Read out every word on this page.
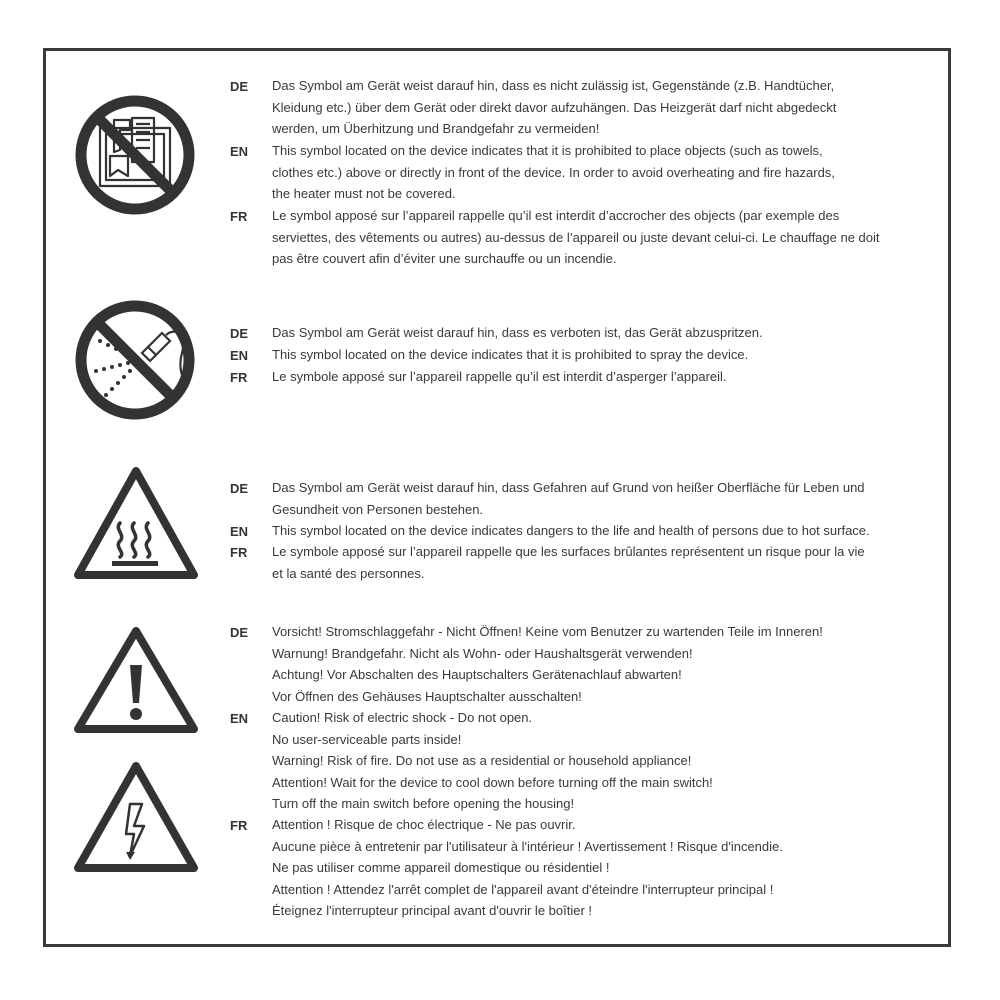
DE Das Symbol am Gerät weist darauf hin, dass es nicht zulässig ist, Gegenstände (z.B. Handtücher,
Kleidung etc.) über dem Gerät oder direkt davor aufzuhängen. Das Heizgerät darf nicht abgedeckt
werden, um Überhitzung und Brandgefahr zu vermeiden!
EN This symbol located on the device indicates that it is prohibited to place objects (such as towels,
clothes etc.) above or directly in front of the device. In order to avoid overheating and fire hazards,
the heater must not be covered.
FR Le symbol apposé sur l’appareil rappelle qu’il est interdit d’accrocher des objects (par exemple des
serviettes, des vêtements ou autres) au-dessus de l’appareil ou juste devant celui-ci. Le chauffage ne doit
pas être couvert afin d’éviter une surchauffe ou un incendie.
DE Das Symbol am Gerät weist darauf hin, dass es verboten ist, das Gerät abzuspritzen.
EN This symbol located on the device indicates that it is prohibited to spray the device.
FR Le symbole apposé sur l’appareil rappelle qu’il est interdit d’asperger l’appareil.
DE Das Symbol am Gerät weist darauf hin, dass Gefahren auf Grund von heißer Oberfläche für Leben und
Gesundheit von Personen bestehen.
EN This symbol located on the device indicates dangers to the life and health of persons due to hot surface.
FR Le symbole apposé sur l’appareil rappelle que les surfaces brûlantes représentent un risque pour la vie
et la santé des personnes.
DE Vorsicht! Stromschlaggefahr - Nicht Öffnen! Keine vom Benutzer zu wartenden Teile im Inneren!
Warnung! Brandgefahr. Nicht als Wohn- oder Haushaltsgerät verwenden!
Achtung! Vor Abschalten des Hauptschalters Gerätenachlauf abwarten!
Vor Öffnen des Gehäuses Hauptschalter ausschalten!
EN Caution! Risk of electric shock - Do not open.
No user-serviceable parts inside!
Warning! Risk of fire. Do not use as a residential or household appliance!
Attention! Wait for the device to cool down before turning off the main switch!
Turn off the main switch before opening the housing!
FR Attention ! Risque de choc électrique - Ne pas ouvrir.
Aucune pièce à entretenir par l'utilisateur à l'intérieur ! Avertissement ! Risque d'incendie.
Ne pas utiliser comme appareil domestique ou résidentiel !
Attention ! Attendez l'arrêt complet de l'appareil avant d'éteindre l'interrupteur principal !
Éteignez l'interrupteur principal avant d'ouvrir le boîtier !
